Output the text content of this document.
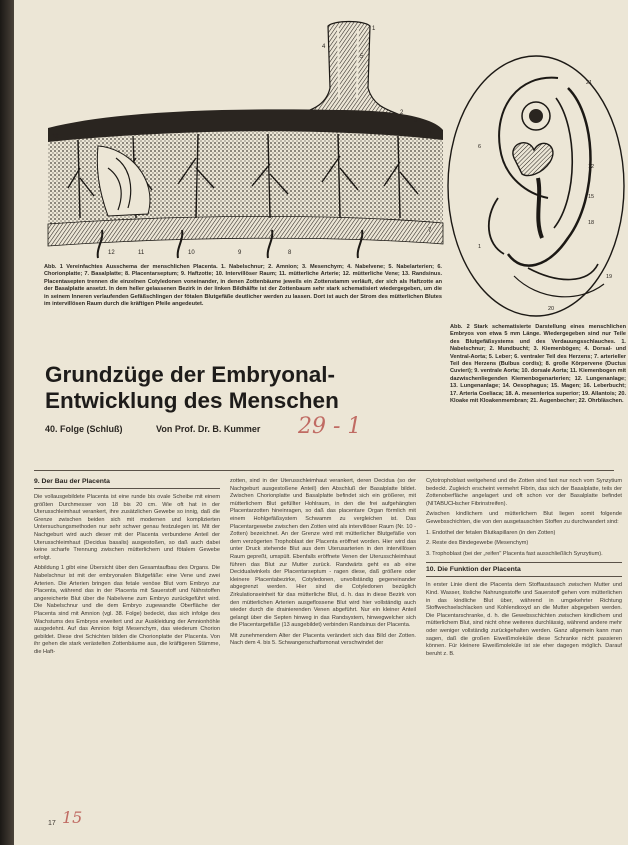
1
2
3
4
5
6
7
8
9
10
11
12
13
Abb. 1 Vereinfachtes Ausschema der menschlichen Placenta. 1. Nabelschnur; 2. Amnion; 3. Mesenchym; 4. Nabelvene; 5. Nabelarterien; 6. Chorionplatte; 7. Basalplatte; 8. Placentarseptum; 9. Haftzotte; 10. Intervillöser Raum; 11. mütterliche Arterie; 12. mütterliche Vene; 13. Randsinus. Placentasepten trennen die einzelnen Cotyledonen voneinander, in denen Zottenbäume jeweils ein Zottenstamm verläuft, der sich als Haftzotte an der Basalplatte ansetzt. In dem heller gelassenen Bezirk in der linken Bildhälfte ist der Zottenbaum sehr stark schematisiert wiedergegeben, um die in seinem Inneren verlaufenden Gefäßschlingen der fötalen Blutgefäße deutlicher werden zu lassen. Dort ist auch der Strom des mütterlichen Blutes im intervillösen Raum durch die kräftigen Pfeile angedeutet.
21
6
12
15
18
1
19
20
Abb. 2 Stark schematisierte Darstellung eines menschlichen Embryos von etwa 5 mm Länge. Wiedergegeben sind nur Teile des Blutgefäßsystems und des Verdauungsschlauches. 1. Nabelschnur; 2. Mundbucht; 3. Kiemenbögen; 4. Dorsal- und Ventral-Aorta; 5. Leber; 6. ventraler Teil des Herzens; 7. arterieller Teil des Herzens (Bulbus cordis); 8. große Körpervene (Ductus Cuvieri); 9. ventrale Aorta; 10. dorsale Aorta; 11. Kiemenbogen mit dazwischenliegenden Kiemenbogenarterien; 12. Lungenanlage; 13. Lungenanlage; 14. Oesophagus; 15. Magen; 16. Leberbucht; 17. Arteria Coeliaca; 18. A. mesenterica superior; 19. Allantois; 20. Kloake mit Kloakenmembran; 21. Augenbecher; 22. Ohrbläschen.
Grundzüge der Embryonal-Entwicklung des Menschen
40. Folge (Schluß)	Von Prof. Dr. B. Kummer 29 - 1
9. Der Bau der Placenta

Die vollausgebildete Placenta ist eine runde bis ovale Scheibe mit einem größten Durchmesser von 18 bis 20 cm. Wie oft hat in der Uterusschleimhaut verankert, ihre zusätzlichen Gewebe so innig, daß die Grenze zwischen beiden sich mit modernen und komplizierten Untersuchungsmethoden nur sehr schwer genau festzulegen ist. Mit der Nachgeburt wird auch dieser mit der Placenta verbundene Anteil der Uterusschleimhaut (Decidua basalis) ausgestoßen, so daß auch dabei keine scharfe Trennung zwischen mütterlichem und fötalem Gewebe erfolgt.

Abbildung 1 gibt eine Übersicht über den Gesamtaufbau des Organs. Die Nabelschnur ist mit der embryonalen Blutgefäße: eine Vene und zwei Arterien. Die Arterien bringen das fetale venöse Blut vom Embryo zur Placenta, während das in der Placenta mit Sauerstoff und Nährstoffen angereicherte Blut über die Nabelvene zum Embryo zurückgeführt wird. Die Nabelschnur und die dem Embryo zugewandte Oberfläche der Placenta sind mit Amnion (vgl. 38. Folge) bedeckt, das sich infolge des Wachstums des Embryos erweitert und zur Auskleidung der Amnionhöhle ausgedehnt. Auf das Amnion folgt Mesenchym, das wiederum Chorion gebildet. Diese drei Schichten bilden die Chorionplatte der Placenta. Von ihr gehen die stark verästelten Zottenbäume aus, die kräftigeren Stämme, die Haft-

zotten, sind in der Uterusschleimhaut verankert, deren Decidua (so der Nachgeburt ausgestoßene Anteil) den Abschluß der Basalplatte bildet. Zwischen Chorionplatte und Basalplatte befindet sich ein größerer, mit mütterlichem Blut gefüllter Hohlraum, in den die frei aufgehängten Placentarzotten hineinragen, so daß das placentare Organ förmlich mit einem Hohlgefäßsystem Schwamm zu vergleichen ist. Das Placentargewebe zwischen den Zotten wird als intervillöser Raum (Nr. 10 - Zotten) bezeichnet. An der Grenze wird mit mütterlicher Blutgefäße von dem verzögerten Trophoblast der Placenta eröffnet worden. Hier wird das unter Druck stehende Blut aus dem Uterusarterien in den intervillösen Raum gepreßt, umspült. Ebenfalls eröffnete Venen der Uterusschleimhaut führen das Blut zur Mutter zurück. Randwärts geht es ab eine Decidualwinkels der Placentarseptum - ragen diese, daß größere oder kleinere Placentabezirke, Cotyledonen, unvollständig gegeneinander abgegrenzt werden. Hier sind die Cotyledonen bezüglich Zirkulationseinheit für das mütterliche Blut, d. h. das in diese Bezirk von den mütterlichen Arterien ausgeflossene Blut wird hier vollständig auch wieder durch die drainierenden Venen abgeführt. Nur ein kleiner Anteil gelangt über die Septen hinweg in das Randsystem, hinwegwelcher sich die Placentargefäße (13 ausgebildet) verbinden Randsinus der Placenta.

Mit zunehmendem Alter der Placenta verändert sich das Bild der Zotten. Nach dem 4. bis 5. Schwangerschaftsmonat verschwindet der

Cytotrophoblast weitgehend und die Zotten sind fast nur noch vom Synzytium bedeckt. Zugleich erscheint vermehrt Fibrin, das sich der Basalplatte, teils der Zottenoberfläche angelagert und oft schon vor der Basalplatte befindet (NITABUCHscher Fibrinstreifen).

Zwischen kindlichem und mütterlichem Blut liegen somit folgende Gewebsschichten, die von den ausgetauschten Stoffen zu durchwandert sind:

1. Endothel der fetalen Blutkapillaren (in den Zotten)

2. Reste des Bindegewebe (Mesenchym)

3. Trophoblast (bei der „reifen" Placenta fast ausschließlich Synzytium).

10. Die Funktion der Placenta

In erster Linie dient die Placenta dem Stoffaustausch zwischen Mutter und Kind. Wasser, lösliche Nahrungsstoffe und Sauerstoff gehen vom mütterlichen in das kindliche Blut über, während in umgekehrter Richtung Stoffwechselschlacken und Kohlendioxyd an die Mutter abgegeben werden. Die Placentarschranke, d. h. die Gewebsschichten zwischen kindlichem und mütterlichem Blut, sind nicht ohne weiteres durchlässig, während andere mehr oder weniger vollständig zurückgehalten werden. Ganz allgemein kann man sagen, daß die großen Eiweißmoleküle diese Schranke nicht passieren können. Für kleinere Eiweißmoleküle ist sie eher dagegen möglich. Darauf beruht z. B.

17 15
